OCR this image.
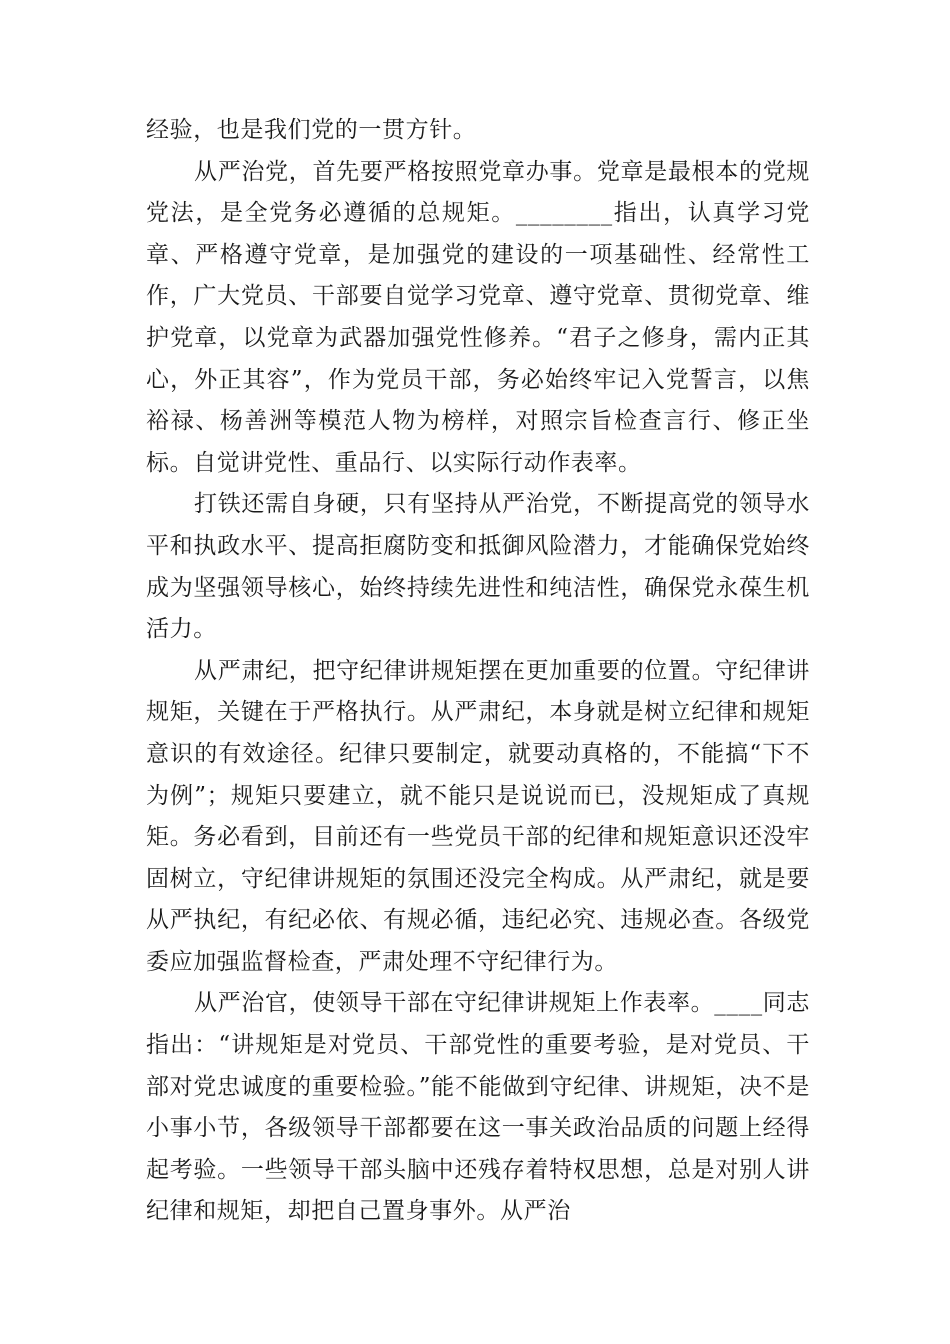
经验，也是我们党的一贯方针。

从严治党，首先要严格按照党章办事。党章是最根本的党规党法，是全党务必遵循的总规矩。________指出，认真学习党章、严格遵守党章，是加强党的建设的一项基础性、经常性工作，广大党员、干部要自觉学习党章、遵守党章、贯彻党章、维护党章，以党章为武器加强党性修养。“君子之修身，需内正其心，外正其容”，作为党员干部，务必始终牢记入党誓言，以焦裕禄、杨善洲等模范人物为榜样，对照宗旨检查言行、修正坐标。自觉讲党性、重品行、以实际行动作表率。

打铁还需自身硬，只有坚持从严治党，不断提高党的领导水平和执政水平、提高拒腐防变和抵御风险潜力，才能确保党始终成为坚强领导核心，始终持续先进性和纯洁性，确保党永葆生机活力。

从严肃纪，把守纪律讲规矩摆在更加重要的位置。守纪律讲规矩，关键在于严格执行。从严肃纪，本身就是树立纪律和规矩意识的有效途径。纪律只要制定，就要动真格的，不能搞“下不为例”；规矩只要建立，就不能只是说说而已，没规矩成了真规矩。务必看到，目前还有一些党员干部的纪律和规矩意识还没牢固树立，守纪律讲规矩的氛围还没完全构成。从严肃纪，就是要从严执纪，有纪必依、有规必循，违纪必究、违规必查。各级党委应加强监督检查，严肃处理不守纪律行为。

从严治官，使领导干部在守纪律讲规矩上作表率。____同志指出：“讲规矩是对党员、干部党性的重要考验，是对党员、干部对党忠诚度的重要检验。”能不能做到守纪律、讲规矩，决不是小事小节，各级领导干部都要在这一事关政治品质的问题上经得起考验。一些领导干部头脑中还残存着特权思想，总是对别人讲纪律和规矩，却把自己置身事外。从严治
